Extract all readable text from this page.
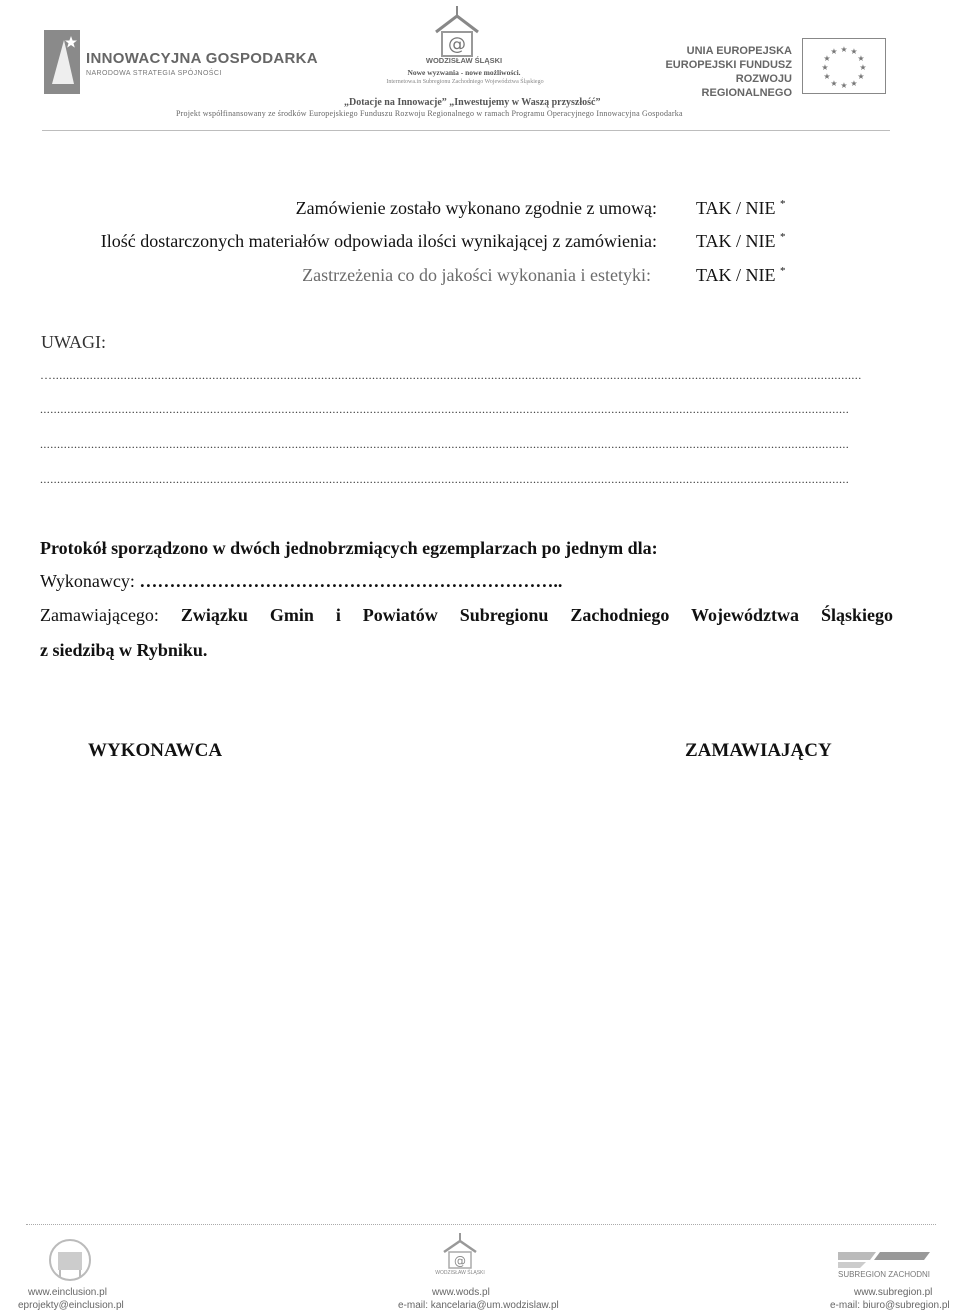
INNOWACYJNA GOSPODARKA
NARODOWA STRATEGIA SPÓJNOŚCI
@
WODZISŁAW ŚLĄSKI
Nowe wyzwania - nowe możliwości.
Internetowa.in Subregionu Zachodniego Województwa Śląskiego
„Dotacje na Innowacje” „Inwestujemy w Waszą przyszłość”
Projekt współfinansowany ze środków Europejskiego Funduszu Rozwoju Regionalnego w ramach Programu Operacyjnego Innowacyjna Gospodarka
UNIA EUROPEJSKA
EUROPEJSKI FUNDUSZ
ROZWOJU REGIONALNEGO
★ ★
★
★
★
★
★
★
★
★
★
★
Zamówienie zostało wykonano zgodnie z umową: TAK / NIE *
Ilość dostarczonych materiałów odpowiada ilości wynikającej z zamówienia: TAK / NIE *
Zastrzeżenia co do jakości wykonania i estetyki:	TAK / NIE *
UWAGI:
…..............................................................................................................................................................................................................................................
..............................................................................................................................................................................................................................................
..............................................................................................................................................................................................................................................
..............................................................................................................................................................................................................................................
Protokół sporządzono w dwóch jednobrzmiących egzemplarzach po jednym dla:
Wykonawcy: ……………………………………………………………..
Zamawiającego: Związku Gmin i Powiatów Subregionu Zachodniego Województwa Śląskiego
z siedzibą w Rybniku.
WYKONAWCA	ZAMAWIAJĄCY
www.einclusion.pl
eprojekty@einclusion.pl
@
WODZISŁAW ŚLĄSKI
www.wods.pl
e-mail: kancelaria@um.wodzislaw.pl
SUBREGION ZACHODNI
www.subregion.pl
e-mail: biuro@subregion.pl
